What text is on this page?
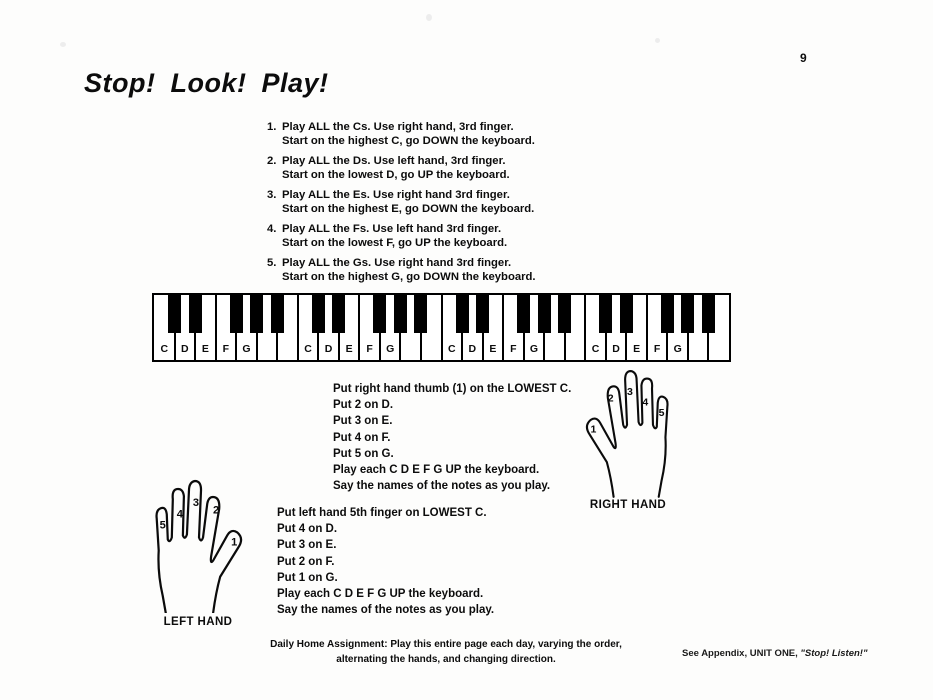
9
Stop! Look! Play!
1. Play ALL the Cs. Use right hand, 3rd finger.
Start on the highest C, go DOWN the keyboard.
2. Play ALL the Ds. Use left hand, 3rd finger.
Start on the lowest D, go UP the keyboard.
3. Play ALL the Es. Use right hand 3rd finger.
Start on the highest E, go DOWN the keyboard.
4. Play ALL the Fs. Use left hand 3rd finger.
Start on the lowest F, go UP the keyboard.
5. Play ALL the Gs. Use right hand 3rd finger.
Start on the highest G, go DOWN the keyboard.
C	D	E	F	G	C	D	E	F	G	C	D	E	F	G	C	D	E	F	G
Put right hand thumb (1) on the LOWEST C.
Put 2 on D.
Put 3 on E.
Put 4 on F.
Put 5 on G.
Play each C D E F G UP the keyboard.
Say the names of the notes as you play.
1
2
3
4
5
RIGHT HAND
Put left hand 5th finger on LOWEST C.
Put 4 on D.
Put 3 on E.
Put 2 on F.
Put 1 on G.
Play each C D E F G UP the keyboard.
Say the names of the notes as you play.
5
4
3
2
1
LEFT HAND
Daily Home Assignment: Play this entire page each day, varying the order,
alternating the hands, and changing direction.
See Appendix, UNIT ONE, "Stop! Listen!"
